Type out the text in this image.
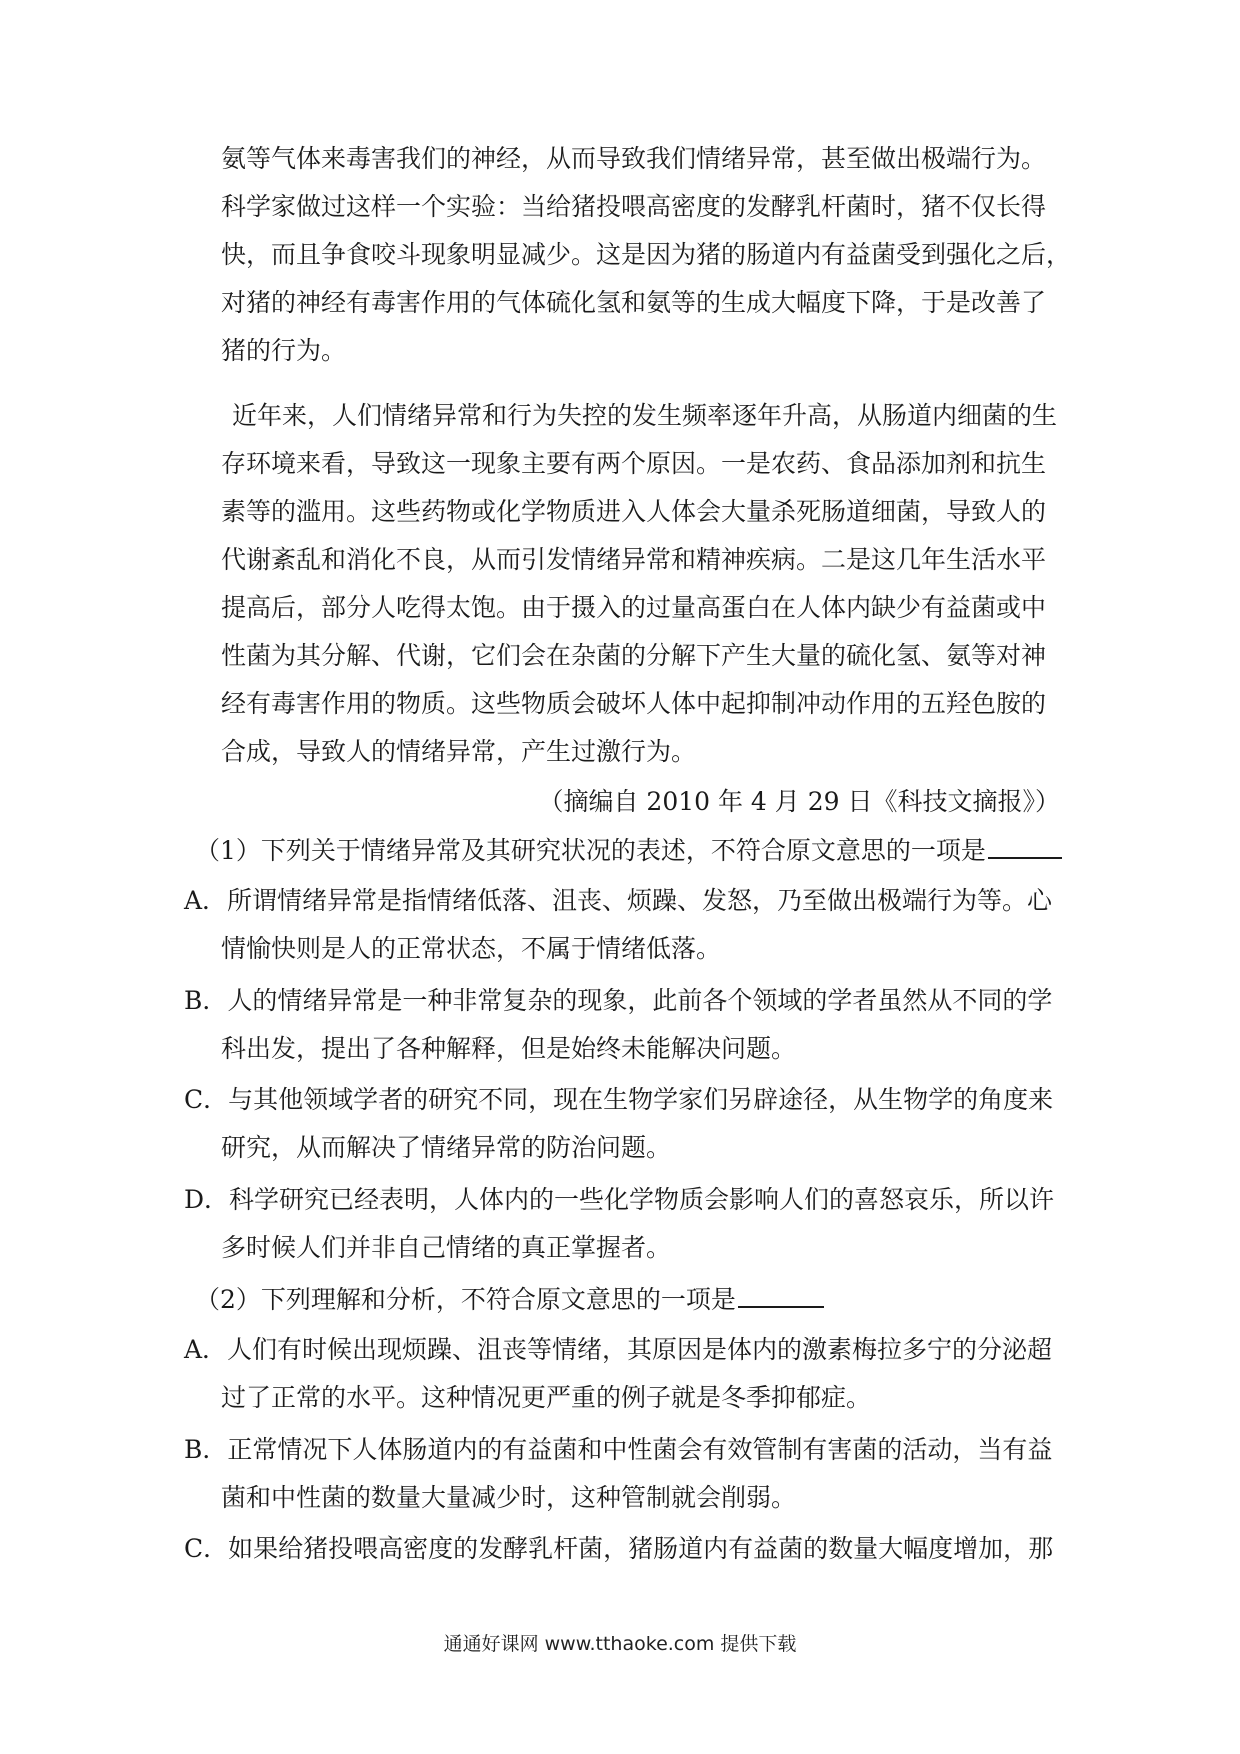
氨等气体来毒害我们的神经，从而导致我们情绪异常，甚至做出极端行为。
科学家做过这样一个实验：当给猪投喂高密度的发酵乳杆菌时，猪不仅长得
快，而且争食咬斗现象明显减少。这是因为猪的肠道内有益菌受到强化之后，
对猪的神经有毒害作用的气体硫化氢和氨等的生成大幅度下降，于是改善了
猪的行为。
近年来，人们情绪异常和行为失控的发生频率逐年升高，从肠道内细菌的生
存环境来看，导致这一现象主要有两个原因。一是农药、食品添加剂和抗生
素等的滥用。这些药物或化学物质进入人体会大量杀死肠道细菌，导致人的
代谢紊乱和消化不良，从而引发情绪异常和精神疾病。二是这几年生活水平
提高后，部分人吃得太饱。由于摄入的过量高蛋白在人体内缺少有益菌或中
性菌为其分解、代谢，它们会在杂菌的分解下产生大量的硫化氢、氨等对神
经有毒害作用的物质。这些物质会破坏人体中起抑制冲动作用的五羟色胺的
合成，导致人的情绪异常，产生过激行为。
（摘编自 2010 年 4 月 29 日《科技文摘报》）
（1）下列关于情绪异常及其研究状况的表述，不符合原文意思的一项是
A．所谓情绪异常是指情绪低落、沮丧、烦躁、发怒，乃至做出极端行为等。心
情愉快则是人的正常状态，不属于情绪低落。
B．人的情绪异常是一种非常复杂的现象，此前各个领域的学者虽然从不同的学
科出发，提出了各种解释，但是始终未能解决问题。
C．与其他领域学者的研究不同，现在生物学家们另辟途径，从生物学的角度来
研究，从而解决了情绪异常的防治问题。
D．科学研究已经表明，人体内的一些化学物质会影响人们的喜怒哀乐，所以许
多时候人们并非自己情绪的真正掌握者。
（2）下列理解和分析，不符合原文意思的一项是
A．人们有时候出现烦躁、沮丧等情绪，其原因是体内的激素梅拉多宁的分泌超
过了正常的水平。这种情况更严重的例子就是冬季抑郁症。
B．正常情况下人体肠道内的有益菌和中性菌会有效管制有害菌的活动，当有益
菌和中性菌的数量大量减少时，这种管制就会削弱。
C．如果给猪投喂高密度的发酵乳杆菌，猪肠道内有益菌的数量大幅度增加，那
通通好课网 www.tthaoke.com 提供下载
